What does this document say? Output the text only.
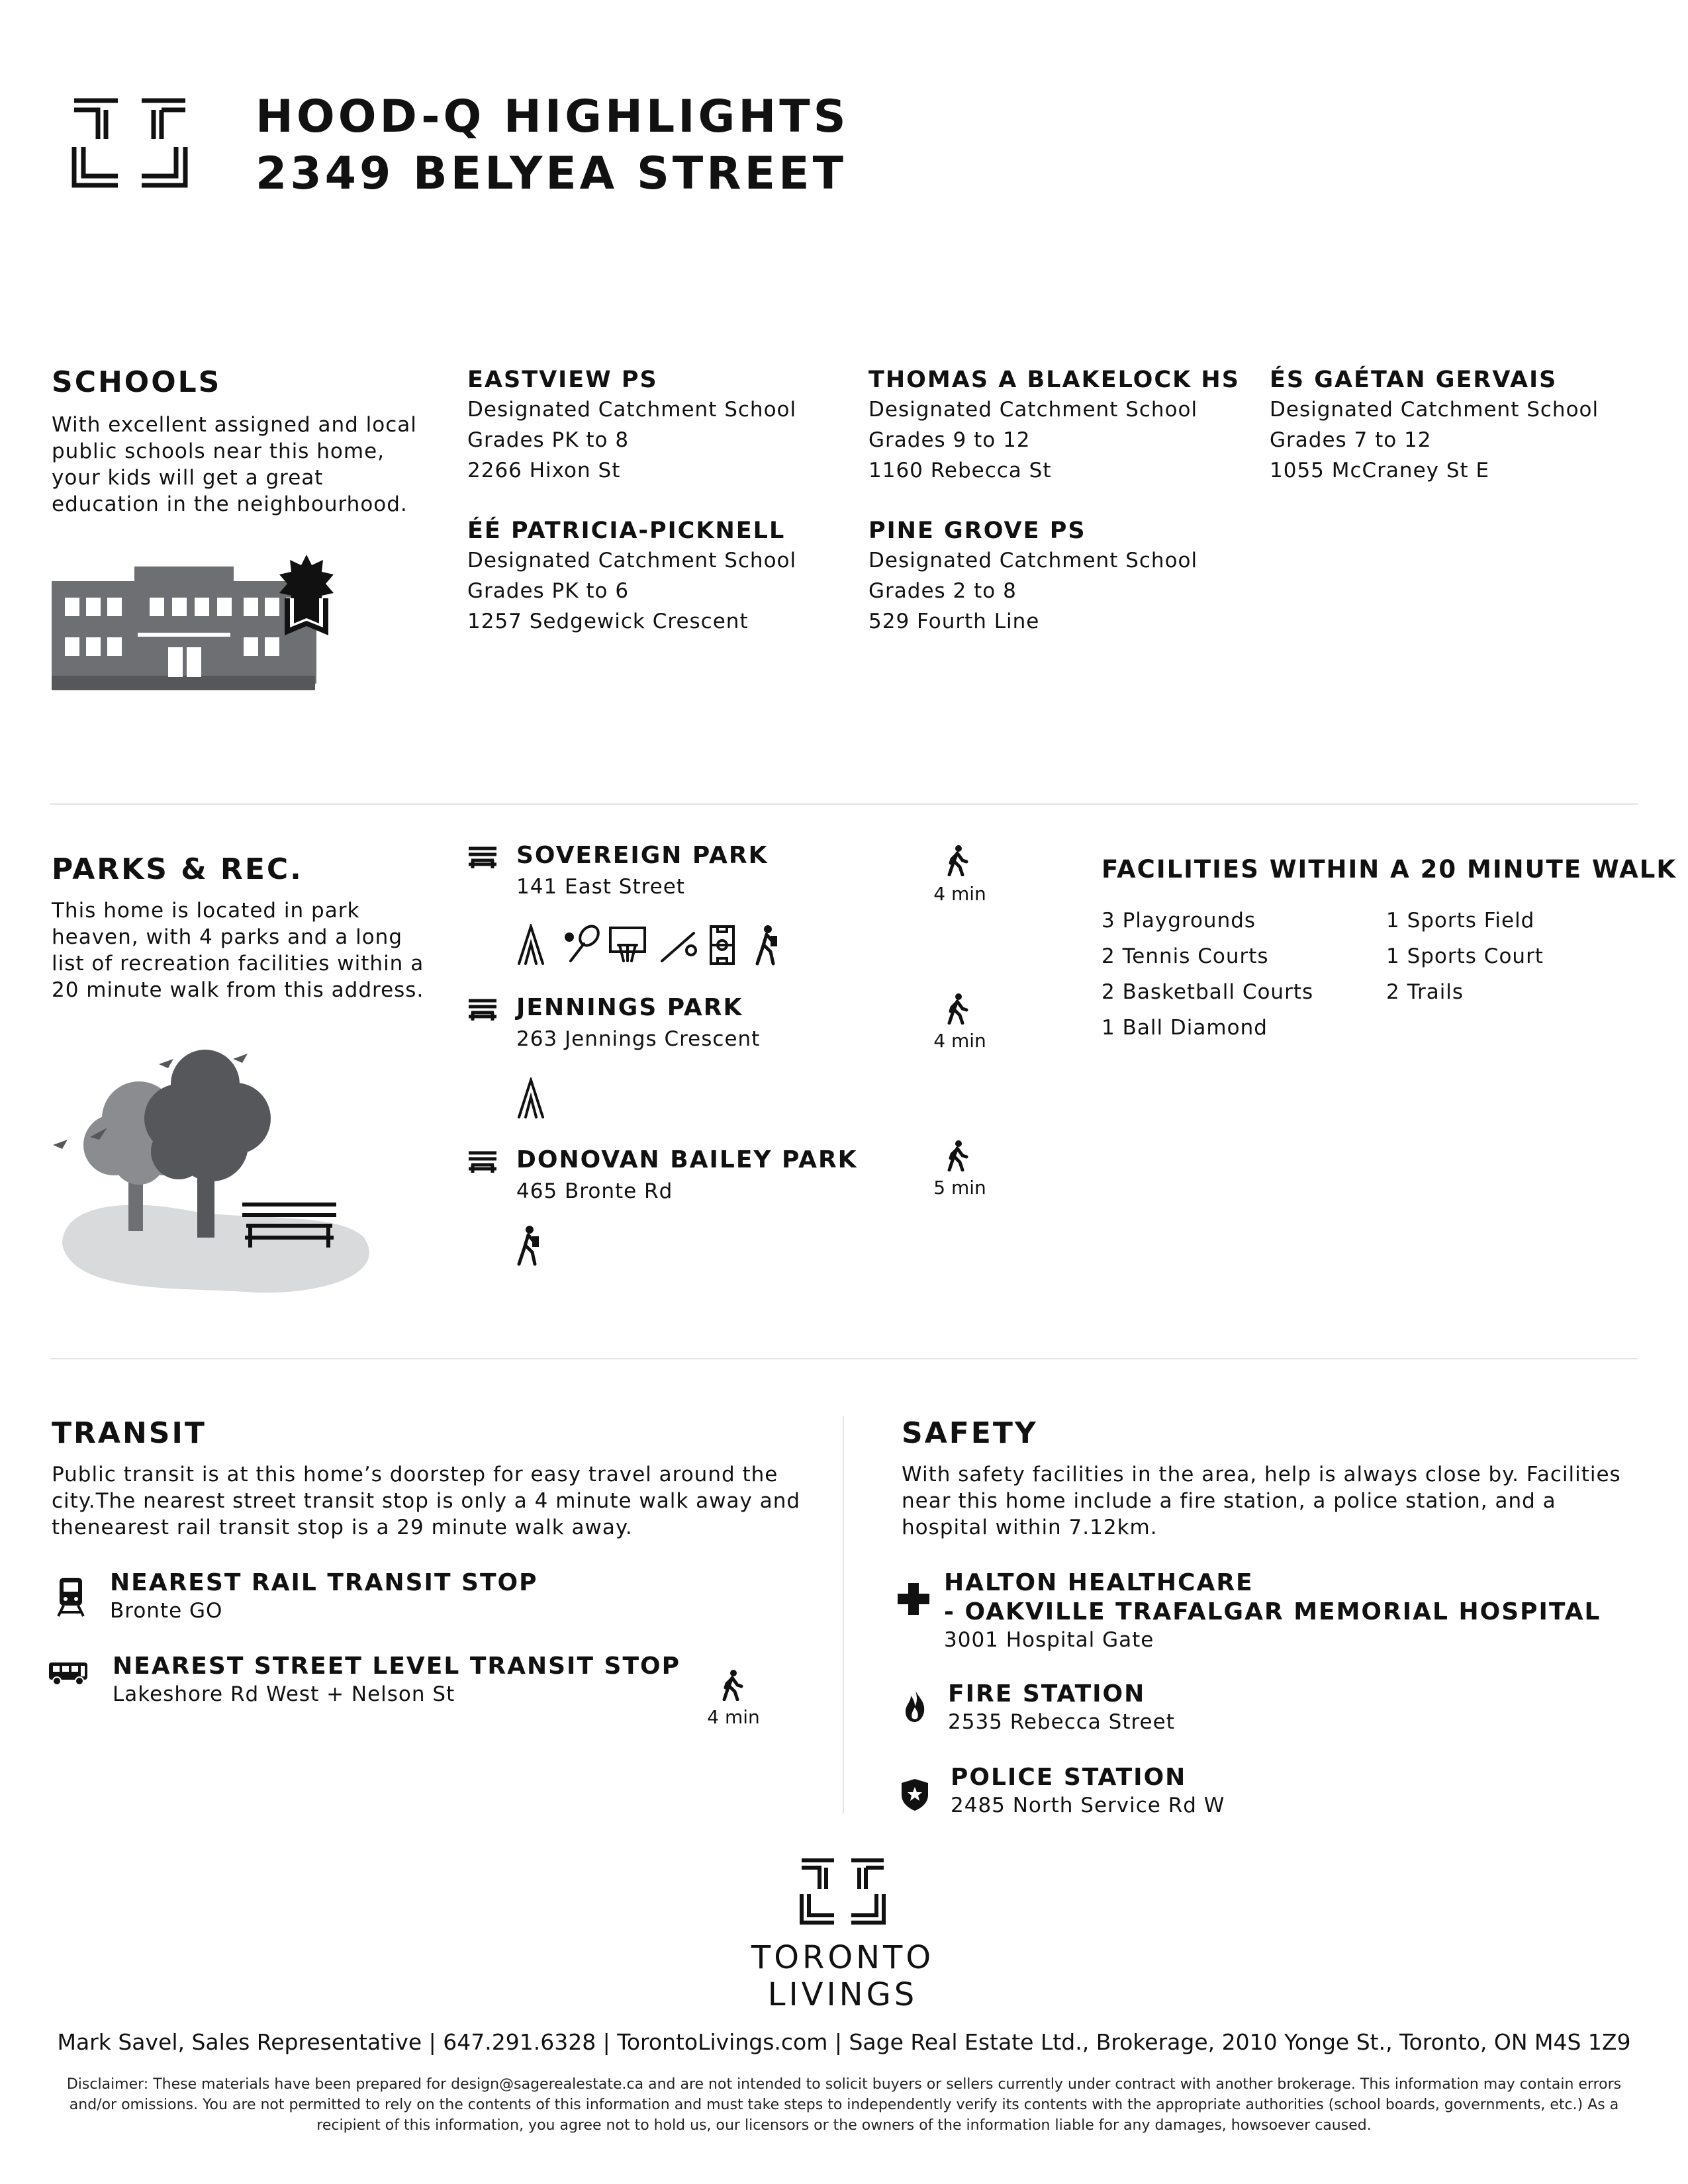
HOOD-Q HIGHLIGHTS
2349 BELYEA STREET
SCHOOLS
With excellent assigned and local public schools near this home, your kids will get a great education in the neighbourhood.
EASTVIEW PS
Designated Catchment School
Grades PK to 8
2266 Hixon St
THOMAS A BLAKELOCK HS
Designated Catchment School
Grades 9 to 12
1160 Rebecca St
ÉS GAÉTAN GERVAIS
Designated Catchment School
Grades 7 to 12
1055 McCraney St E
ÉÉ PATRICIA-PICKNELL
Designated Catchment School
Grades PK to 6
1257 Sedgewick Crescent
PINE GROVE PS
Designated Catchment School
Grades 2 to 8
529 Fourth Line
PARKS & REC.
This home is located in park heaven, with 4 parks and a long list of recreation facilities within a 20 minute walk from this address.
SOVEREIGN PARK
141 East Street	4 min
JENNINGS PARK
263 Jennings Crescent	4 min
DONOVAN BAILEY PARK
465 Bronte Rd	5 min
FACILITIES WITHIN A 20 MINUTE WALK
3 Playgrounds
2 Tennis Courts
2 Basketball Courts
1 Ball Diamond
1 Sports Field
1 Sports Court
2 Trails
TRANSIT
Public transit is at this home’s doorstep for easy travel around the city.The nearest street transit stop is only a 4 minute walk away and thenearest rail transit stop is a 29 minute walk away.
NEAREST RAIL TRANSIT STOP
Bronte GO
NEAREST STREET LEVEL TRANSIT STOP
Lakeshore Rd West + Nelson St
4 min
SAFETY
With safety facilities in the area, help is always close by. Facilities near this home include a fire station, a police station, and a hospital within 7.12km.
HALTON HEALTHCARE
- OAKVILLE TRAFALGAR MEMORIAL HOSPITAL
3001 Hospital Gate
FIRE STATION
2535 Rebecca Street
POLICE STATION
2485 North Service Rd W
TORONTO
LIVINGS
Mark Savel, Sales Representative | 647.291.6328 | TorontoLivings.com | Sage Real Estate Ltd., Brokerage, 2010 Yonge St., Toronto, ON M4S 1Z9
Disclaimer: These materials have been prepared for design@sagerealestate.ca and are not intended to solicit buyers or sellers currently under contract with another brokerage. This information may contain errors and/or omissions. You are not permitted to rely on the contents of this information and must take steps to independently verify its contents with the appropriate authorities (school boards, governments, etc.) As a recipient of this information, you agree not to hold us, our licensors or the owners of the information liable for any damages, howsoever caused.
